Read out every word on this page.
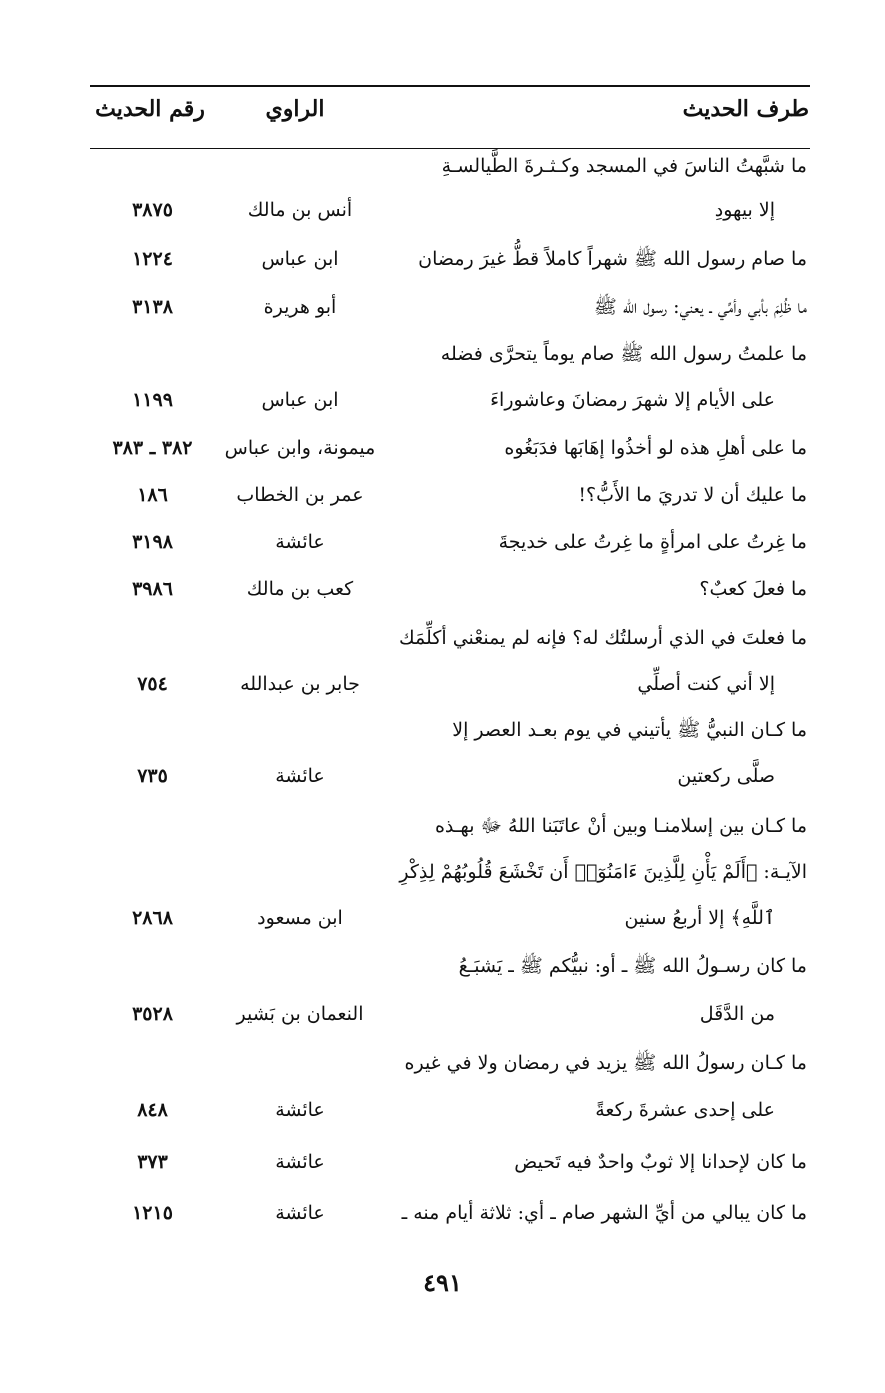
طرف الحديث
الراوي
رقم الحديث
ما شبَّهتُ الناسَ في المسجد وكـثـرةَ الطَّيالسـةِ
إلا بيهودِ
أنس بن مالك
٣٨٧٥
ما صام رسول الله ﷺ شهراً كاملاً قطُّ غيرَ رمضان
ابن عباس
١٢٢٤
ما ظُلِمَ بأبي وأمِّي ـ يعني: رسول الله ﷺ
أبو هريرة
٣١٣٨
ما علمتُ رسول الله ﷺ صام يوماً يتحرَّى فضله
على الأيام إلا شهرَ رمضانَ وعاشوراءَ
ابن عباس
١١٩٩
ما على أهلِ هذه لو أخذُوا إهَابَها فدَبَغُوه
ميمونة، وابن عباس
٣٨٢ ـ ٣٨٣
ما عليك أن لا تدريَ ما الأَبُّ؟!
عمر بن الخطاب
١٨٦
ما غِرتُ على امرأةٍ ما غِرتُ على خديجةَ
عائشة
٣١٩٨
ما فعلَ كعبٌ؟
كعب بن مالك
٣٩٨٦
ما فعلتَ في الذي أرسلتُك له؟ فإنه لم يمنعْني أكلِّمَك
إلا أني كنت أصلِّي
جابر بن عبدالله
٧٥٤
ما كـان النبيُّ ﷺ يأتيني في يوم بعـد العصر إلا
صلَّى ركعتين
عائشة
٧٣٥
ما كـان بين إسلامنـا وبين أنْ عاتَبَنا اللهُ ﷻ بهـذه
الآيـة: ﴿أَلَمْ يَأْنِ لِلَّذِينَ ءَامَنُوٓا۟ أَن تَخْشَعَ قُلُوبُهُمْ لِذِكْرِ
ٱللَّهِ﴾ إلا أربعُ سنين
ابن مسعود
٢٨٦٨
ما كان رسـولُ الله ﷺ ـ أو: نبيُّكم ﷺ ـ يَشبَـعُ
من الدَّقَل
النعمان بن بَشير
٣٥٢٨
ما كـان رسولُ الله ﷺ يزيد في رمضان ولا في غيره
على إحدى عشرةَ ركعةً
عائشة
٨٤٨
ما كان لإحدانا إلا ثوبٌ واحدٌ فيه تَحيض
عائشة
٣٧٣
ما كان يبالي من أيِّ الشهر صام ـ أي: ثلاثة أيام منه ـ
عائشة
١٢١٥
٤٩١
